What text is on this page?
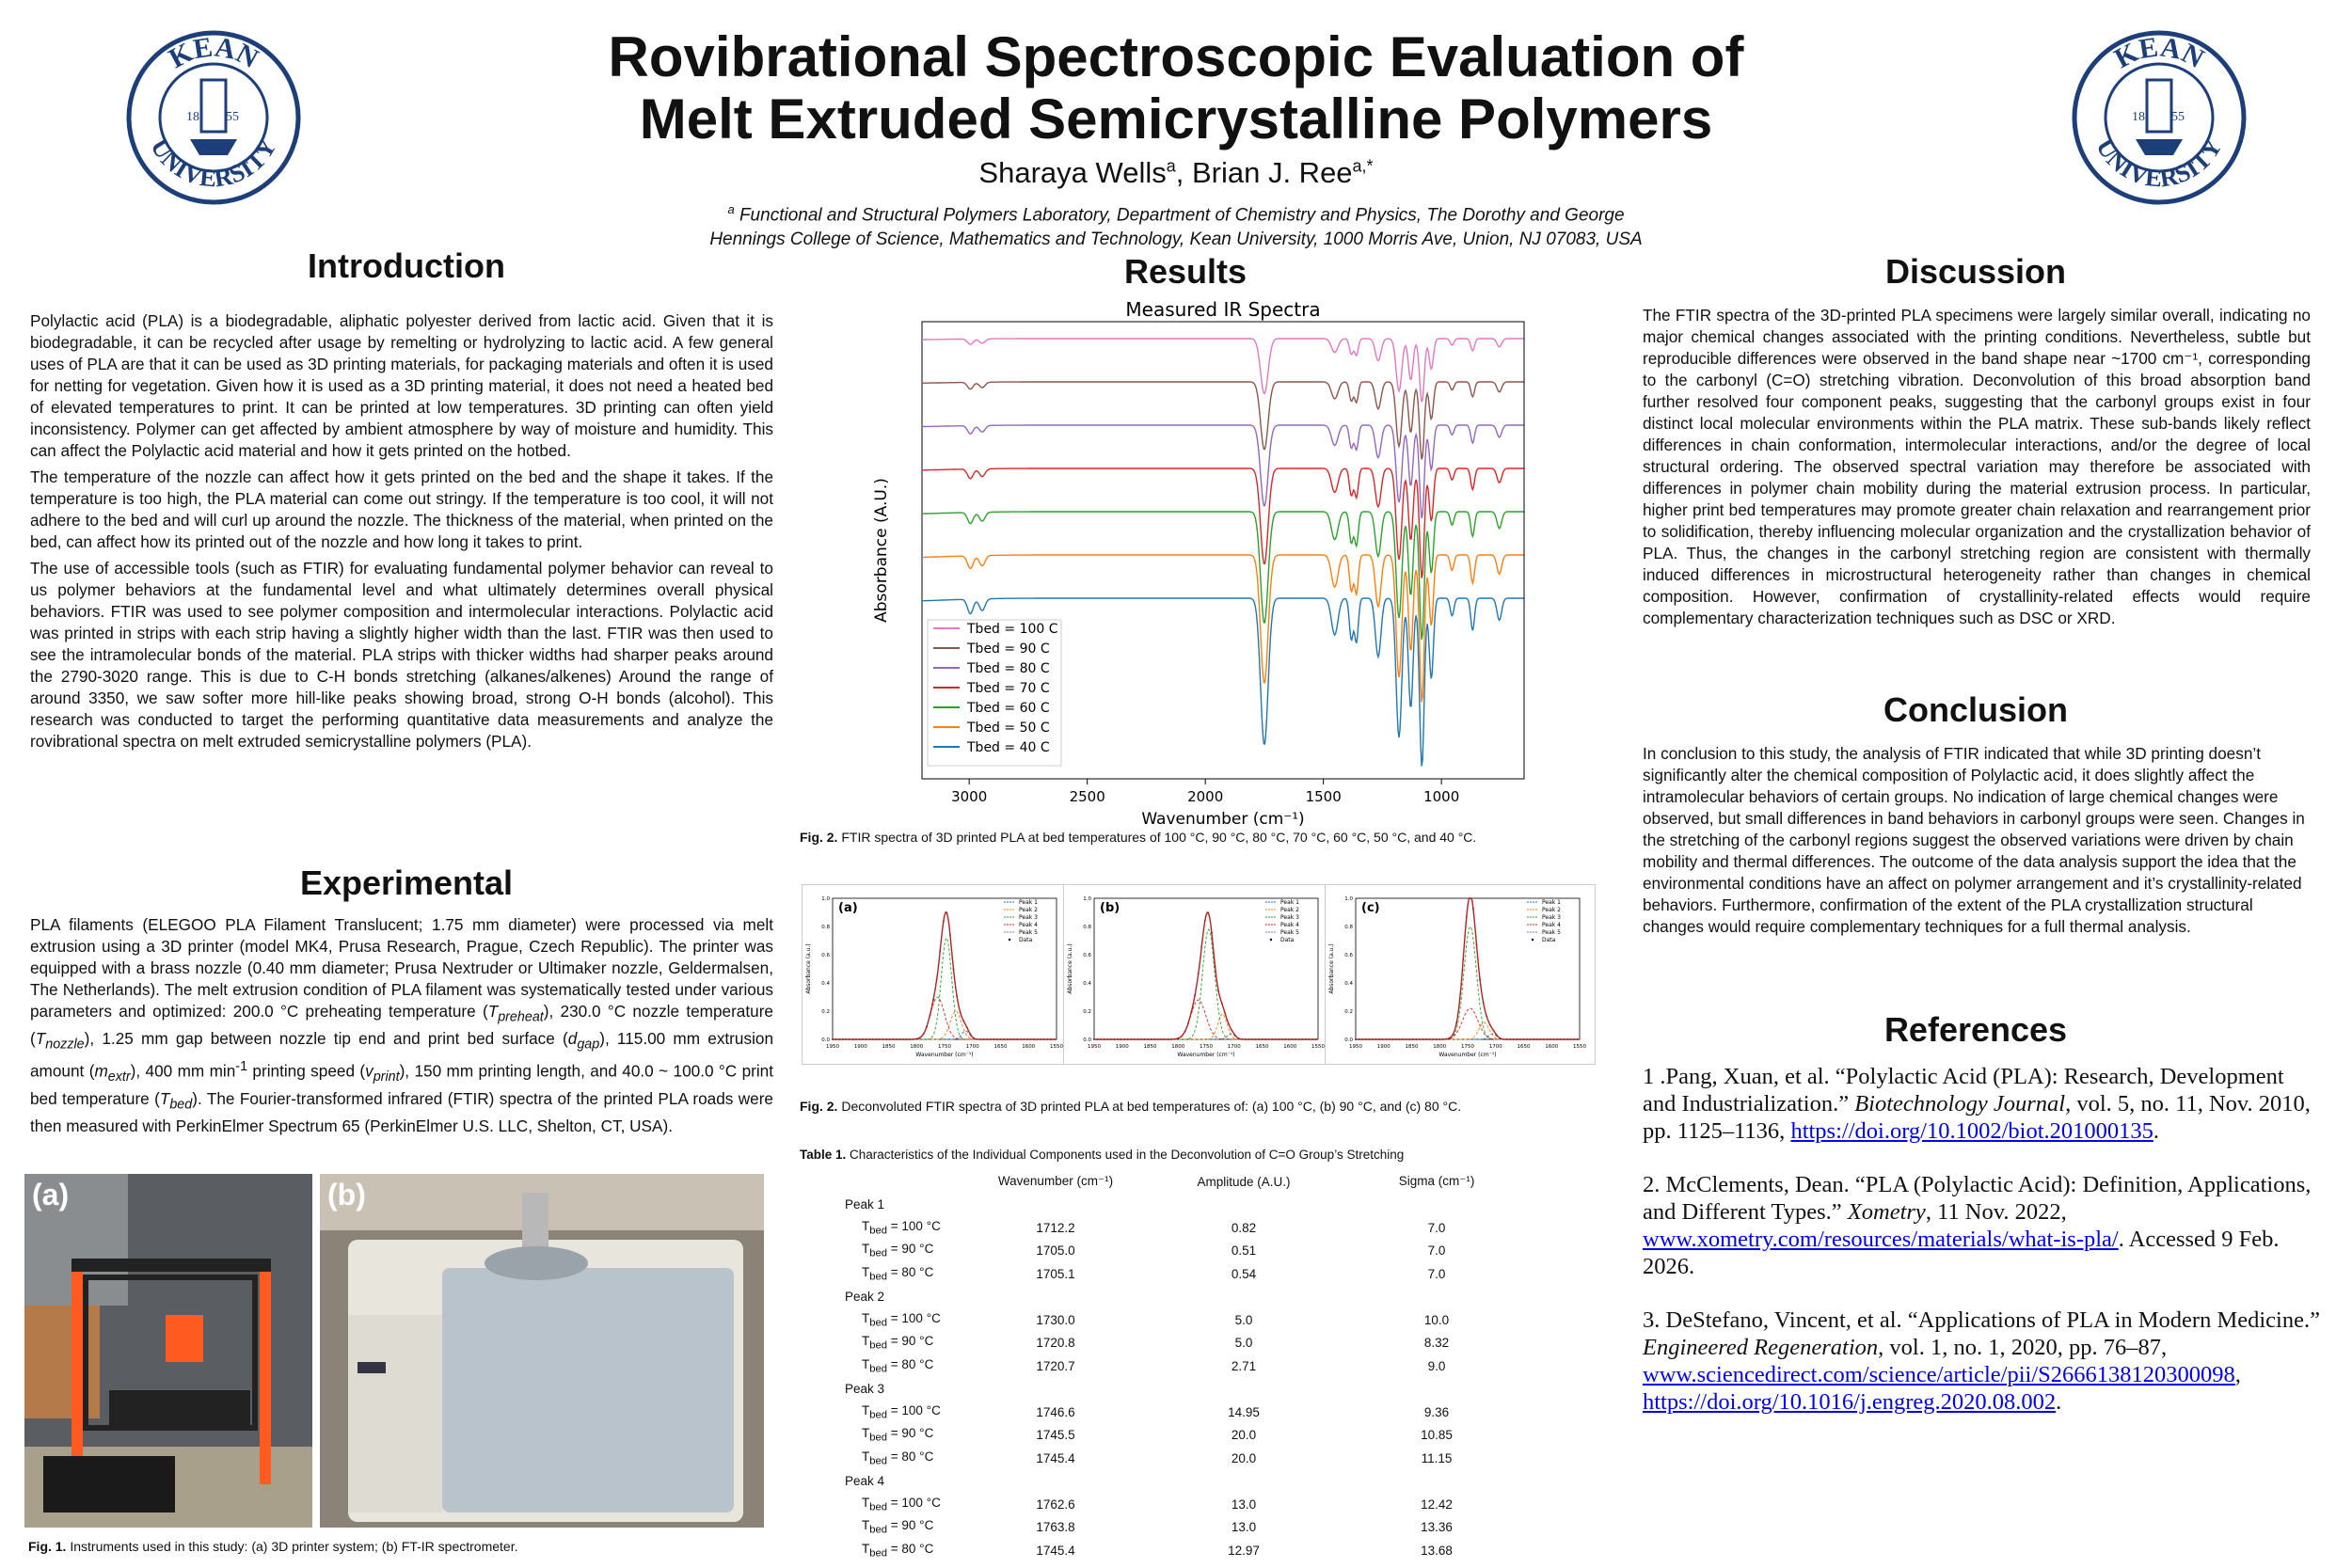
KEAN
UNIVERSITY
18 55
KEAN
UNIVERSITY
18 55
Rovibrational Spectroscopic Evaluation of
Melt Extruded Semicrystalline Polymers
Sharaya Wells$^a$, Brian J. Ree$^{a,*}$
$^a$ Functional and Structural Polymers Laboratory, Department of Chemistry and Physics, The Dorothy and George
Hennings College of Science, Mathematics and Technology, Kean University, 1000 Morris Ave, Union, NJ 07083, USA
Introduction

Polylactic acid (PLA) is a biodegradable, aliphatic polyester derived from lactic acid. Given that it is biodegradable, it can be recycled after usage by remelting or hydrolyzing to lactic acid. A few general uses of PLA are that it can be used as 3D printing materials, for packaging materials and often it is used for netting for vegetation. Given how it is used as a 3D printing material, it does not need a heated bed of elevated temperatures to print. It can be printed at low temperatures. 3D printing can often yield inconsistency. Polymer can get affected by ambient atmosphere by way of moisture and humidity. This can affect the Polylactic acid material and how it gets printed on the hotbed.

The temperature of the nozzle can affect how it gets printed on the bed and the shape it takes. If the temperature is too high, the PLA material can come out stringy. If the temperature is too cool, it will not adhere to the bed and will curl up around the nozzle. The thickness of the material, when printed on the bed, can affect how its printed out of the nozzle and how long it takes to print.

The use of accessible tools (such as FTIR) for evaluating fundamental polymer behavior can reveal to us polymer behaviors at the fundamental level and what ultimately determines overall physical behaviors. FTIR was used to see polymer composition and intermolecular interactions. Polylactic acid was printed in strips with each strip having a slightly higher width than the last. FTIR was then used to see the intramolecular bonds of the material. PLA strips with thicker widths had sharper peaks around the 2790-3020 range. This is due to C-H bonds stretching (alkanes/alkenes) Around the range of around 3350, we saw softer more hill-like peaks showing broad, strong O-H bonds (alcohol). This research was conducted to target the performing quantitative data measurements and analyze the rovibrational spectra on melt extruded semicrystalline polymers (PLA).

Experimental
PLA filaments (ELEGOO PLA Filament Translucent; 1.75 mm diameter) were processed via melt extrusion using a 3D printer (model MK4, Prusa Research, Prague, Czech Republic). The printer was equipped with a brass nozzle (0.40 mm diameter; Prusa Nextruder or Ultimaker nozzle, Geldermalsen, The Netherlands). The melt extrusion condition of PLA filament was systematically tested under various parameters and optimized: 200.0 °C preheating temperature $(T_{preheat})$, 230.0 °C nozzle temperature $(T_{nozzle})$, 1.25 mm gap between nozzle tip end and print bed surface $(d_{gap})$, 115.00 mm extrusion amount $(m_{extr})$, 400 mm $\min^{-1}$ printing speed $(v_{print})$, 150 mm printing length, and 40.0 ~ 100.0 °C print bed temperature $(T_{bed})$. The Fourier-transformed infrared (FTIR) spectra of the printed PLA roads were then measured with PerkinElmer Spectrum 65 (PerkinElmer U.S. LLC, Shelton, CT, USA).
(a)	(b)
Fig. 1. Instruments used in this study: (a) 3D printer system; (b) FT-IR spectrometer.
Results
Measured IR Spectra
3000	2500	2000	1500	1000
Wavenumber (cm⁻¹)
Absorbance (A.U.)
Tbed = 100 C
Tbed = 90 C
Tbed = 80 C
Tbed = 70 C
Tbed = 60 C
Tbed = 50 C
Tbed = 40 C
Fig. 2. FTIR spectra of 3D printed PLA at bed temperatures of 100 °C, 90 °C, 80 °C, 70 °C, 60 °C, 50 °C, and 40 °C.
(a)
1950	1900	1850	1800	1750	1700	1650	1600	1550
0.0
0.2
0.4
0.6
0.8
1.0
Wavenumber (cm⁻¹)
Absorbance (a.u.)
Peak 1
Peak 2
Peak 3
Peak 4
Peak 5
Data
(b)
1950	1900	1850	1800	1750	1700	1650	1600	1550
0.0
0.2
0.4
0.6
0.8
1.0
Wavenumber (cm⁻¹)
Absorbance (a.u.)
Peak 1
Peak 2
Peak 3
Peak 4
Peak 5
Data
(c)
1950	1900	1850	1800	1750	1700	1650	1600	1550
0.0
0.2
0.4
0.6
0.8
1.0
Wavenumber (cm⁻¹)
Absorbance (a.u.)
Peak 1
Peak 2
Peak 3
Peak 4
Peak 5
Data
Fig. 2. Deconvoluted FTIR spectra of 3D printed PLA at bed temperatures of: (a) 100 °C, (b) 90 °C, and (c) 80 °C.
Table 1. Characteristics of the Individual Components used in the Deconvolution of C=O Group’s Stretching
	Wavenumber (cm⁻¹)	Amplitude (A.U.)	Sigma (cm⁻¹)
Peak 1			
$T_{bed} = 100$ °C	1712.2	0.82	7.0
$T_{bed} = 90$ °C	1705.0	0.51	7.0
$T_{bed} = 80$ °C	1705.1	0.54	7.0
Peak 2			
$T_{bed} = 100$ °C	1730.0	5.0	10.0
$T_{bed} = 90$ °C	1720.8	5.0	8.32
$T_{bed} = 80$ °C	1720.7	2.71	9.0
Peak 3			
$T_{bed} = 100$ °C	1746.6	14.95	9.36
$T_{bed} = 90$ °C	1745.5	20.0	10.85
$T_{bed} = 80$ °C	1745.4	20.0	11.15
Peak 4			
$T_{bed} = 100$ °C	1762.6	13.0	12.42
$T_{bed} = 90$ °C	1763.8	13.0	13.36
$T_{bed} = 80$ °C	1745.4	12.97	13.68
Discussion
The FTIR spectra of the 3D-printed PLA specimens were largely similar overall, indicating no major chemical changes associated with the printing conditions. Nevertheless, subtle but reproducible differences were observed in the band shape near ~1700 cm⁻¹, corresponding to the carbonyl (C=O) stretching vibration. Deconvolution of this broad absorption band further resolved four component peaks, suggesting that the carbonyl groups exist in four distinct local molecular environments within the PLA matrix. These sub-bands likely reflect differences in chain conformation, intermolecular interactions, and/or the degree of local structural ordering. The observed spectral variation may therefore be associated with differences in polymer chain mobility during the material extrusion process. In particular, higher print bed temperatures may promote greater chain relaxation and rearrangement prior to solidification, thereby influencing molecular organization and the crystallization behavior of PLA. Thus, the changes in the carbonyl stretching region are consistent with thermally induced differences in microstructural heterogeneity rather than changes in chemical composition. However, confirmation of crystallinity-related effects would require complementary characterization techniques such as DSC or XRD.
Conclusion
In conclusion to this study, the analysis of FTIR indicated that while 3D printing doesn’t significantly alter the chemical composition of Polylactic acid, it does slightly affect the intramolecular behaviors of certain groups. No indication of large chemical changes were observed, but small differences in band behaviors in carbonyl groups were seen. Changes in the stretching of the carbonyl regions suggest the observed variations were driven by chain mobility and thermal differences. The outcome of the data analysis support the idea that the environmental conditions have an affect on polymer arrangement and it’s crystallinity-related behaviors. Furthermore, confirmation of the extent of the PLA crystallization structural changes would require complementary techniques for a full thermal analysis.
References

1 .Pang, Xuan, et al. “Polylactic Acid (PLA): Research, Development and Industrialization.” Biotechnology Journal, vol. 5, no. 11, Nov. 2010, pp. 1125–1136, https://doi.org/10.1002/biot.201000135.

2. McClements, Dean. “PLA (Polylactic Acid): Definition, Applications, and Different Types.” Xometry, 11 Nov. 2022, www.xometry.com/resources/materials/what-is-pla/. Accessed 9 Feb. 2026.

3. DeStefano, Vincent, et al. “Applications of PLA in Modern Medicine.” Engineered Regeneration, vol. 1, no. 1, 2020, pp. 76–87, www.sciencedirect.com/science/article/pii/S2666138120300098, https://doi.org/10.1016/j.engreg.2020.08.002.
